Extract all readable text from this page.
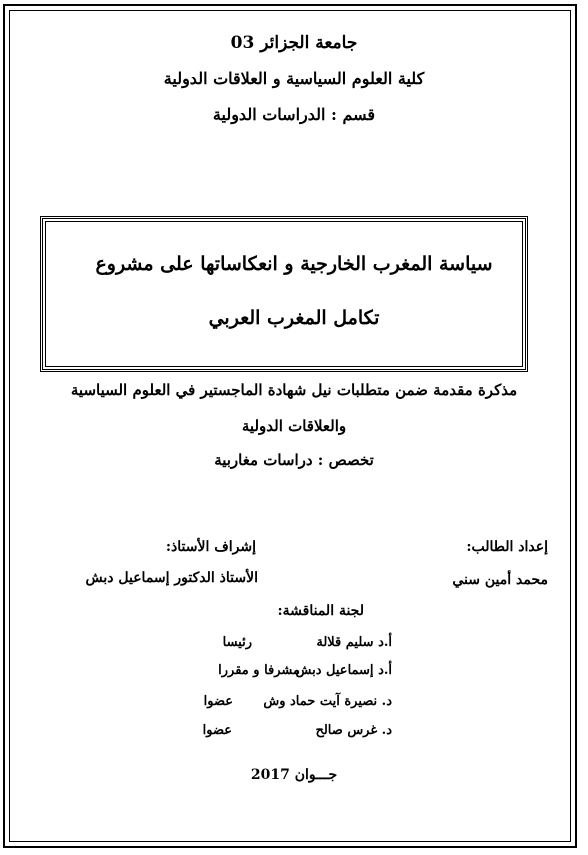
جامعة الجزائر 03
كلية العلوم السياسية و العلاقات الدولية
قسم : الدراسات الدولية
سياسة المغرب الخارجية و انعكاساتها على مشروع
تكامل المغرب العربي
مذكرة مقدمة ضمن متطلبات نيل شهادة الماجستير في العلوم السياسية
والعلاقات الدولية
تخصص : دراسات مغاربية
إعداد الطالب:
إشراف الأستاذ:
محمد أمين سني
الأستاذ الدكتور إسماعيل دبش
لجنة المناقشة:
أ.د سليم قلالة
رئيسا
أ.د إسماعيل دبش
مشرفا و مقررا
د. نصيرة آيت حماد وش
عضوا
د. غرس صالح
عضوا
جـــوان 2017
